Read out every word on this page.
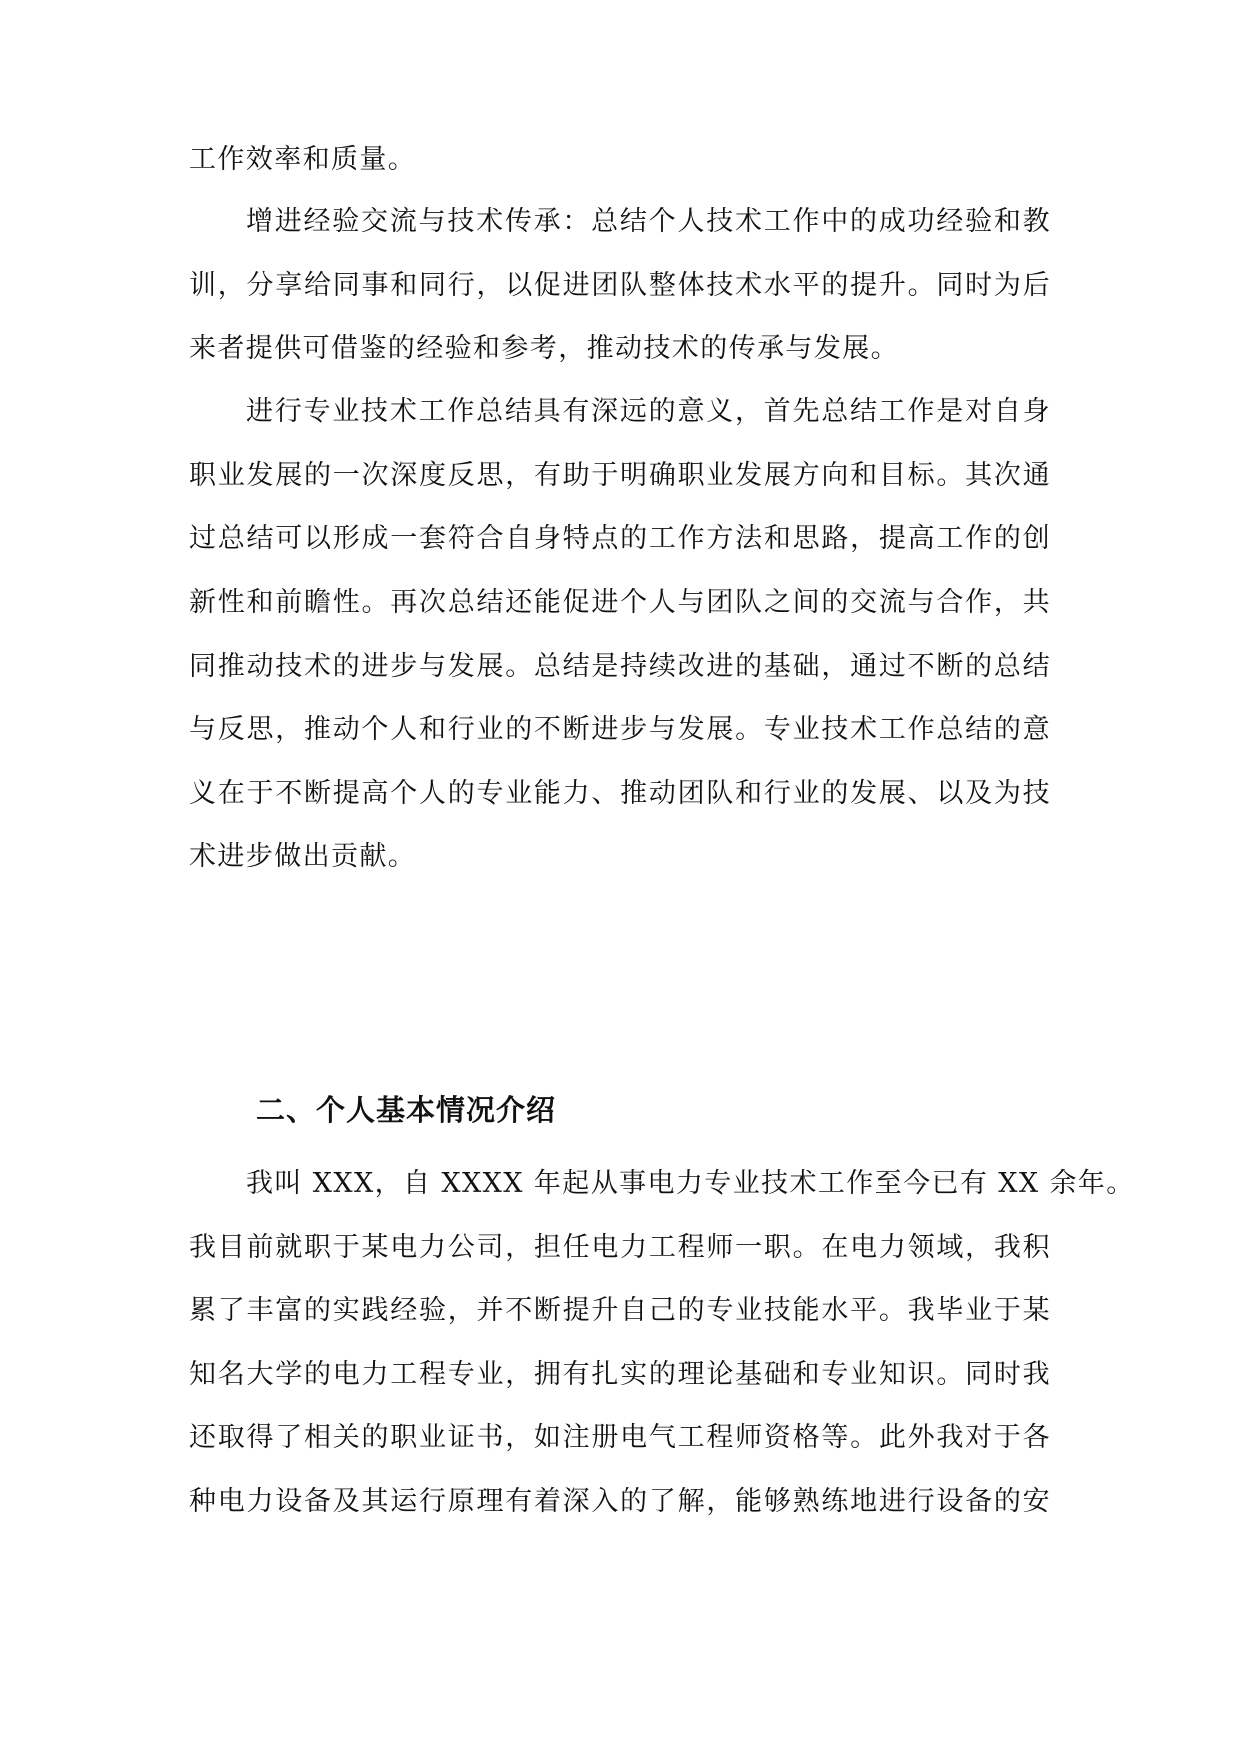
工作效率和质量。
增进经验交流与技术传承：总结个人技术工作中的成功经验和教
训，分享给同事和同行，以促进团队整体技术水平的提升。同时为后
来者提供可借鉴的经验和参考，推动技术的传承与发展。
进行专业技术工作总结具有深远的意义，首先总结工作是对自身
职业发展的一次深度反思，有助于明确职业发展方向和目标。其次通
过总结可以形成一套符合自身特点的工作方法和思路，提高工作的创
新性和前瞻性。再次总结还能促进个人与团队之间的交流与合作，共
同推动技术的进步与发展。总结是持续改进的基础，通过不断的总结
与反思，推动个人和行业的不断进步与发展。专业技术工作总结的意
义在于不断提高个人的专业能力、推动团队和行业的发展、以及为技
术进步做出贡献。
二、个人基本情况介绍
我叫 XXX，自 XXXX 年起从事电力专业技术工作至今已有 XX 余年。
我目前就职于某电力公司，担任电力工程师一职。在电力领域，我积
累了丰富的实践经验，并不断提升自己的专业技能水平。我毕业于某
知名大学的电力工程专业，拥有扎实的理论基础和专业知识。同时我
还取得了相关的职业证书，如注册电气工程师资格等。此外我对于各
种电力设备及其运行原理有着深入的了解，能够熟练地进行设备的安
